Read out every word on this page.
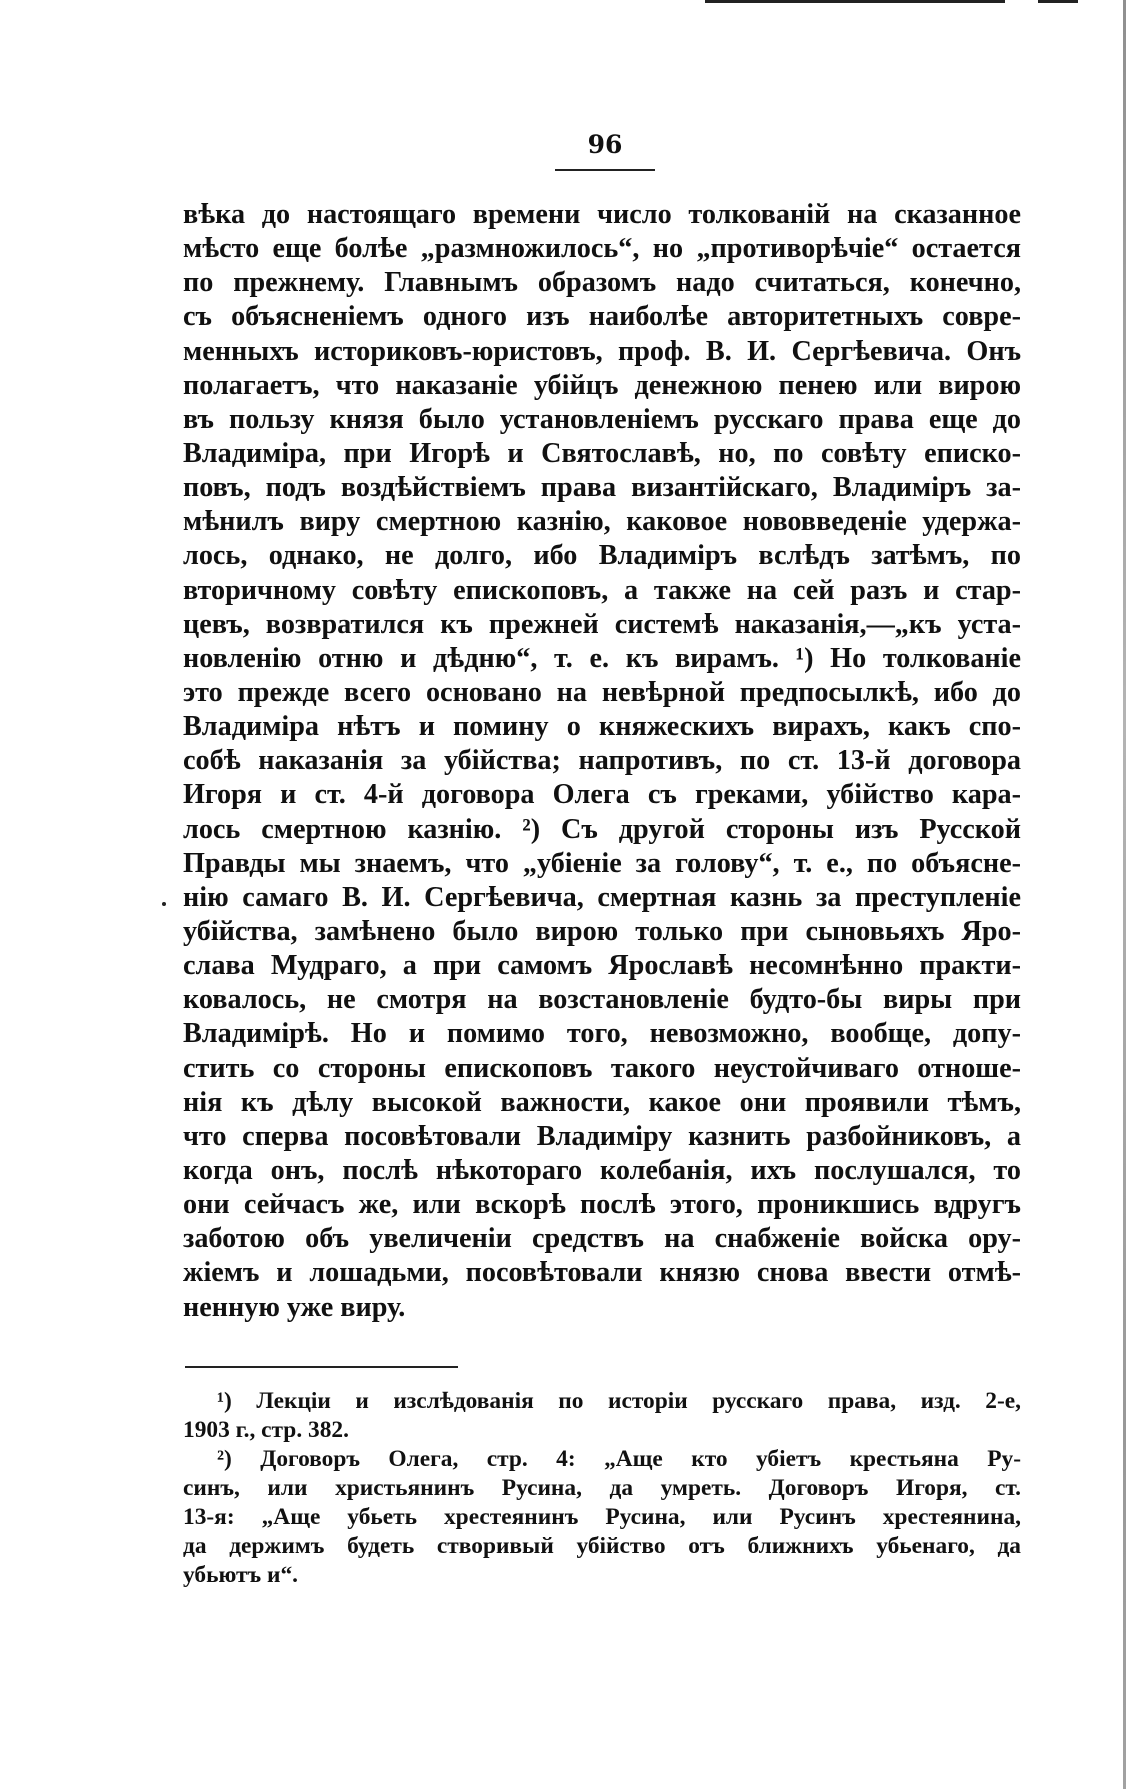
96
вѣка до настоящаго времени число толкованій на сказанное
мѣсто еще болѣе „размножилось“, но „противорѣчіе“ остается
по прежнему. Главнымъ образомъ надо считаться, конечно,
съ объясненіемъ одного изъ наиболѣе авторитетныхъ совре-
менныхъ историковъ-юристовъ, проф. В. И. Сергѣевича. Онъ
полагаетъ, что наказаніе убійцъ денежною пенею или вирою
въ пользу князя было установленіемъ русскаго права еще до
Владиміра, при Игорѣ и Святославѣ, но, по совѣту еписко-
повъ, подъ воздѣйствіемъ права византійскаго, Владиміръ за-
мѣнилъ виру смертною казнію, каковое нововведеніе удержа-
лось, однако, не долго, ибо Владиміръ вслѣдъ затѣмъ, по
вторичному совѣту епископовъ, а также на сей разъ и стар-
цевъ, возвратился къ прежней системѣ наказанія,—„къ уста-
новленію отню и дѣдню“, т. е. къ вирамъ. ¹) Но толкованіе
это прежде всего основано на невѣрной предпосылкѣ, ибо до
Владиміра нѣтъ и помину о княжескихъ вирахъ, какъ спо-
собѣ наказанія за убійства; напротивъ, по ст. 13-й договора
Игоря и ст. 4-й договора Олега съ греками, убійство кара-
лось смертною казнію. ²) Съ другой стороны изъ Русской
Правды мы знаемъ, что „убіеніе за голову“, т. е., по объясне-
нію самаго В. И. Сергѣевича, смертная казнь за преступленіе
убійства, замѣнено было вирою только при сыновьяхъ Яро-
слава Мудраго, а при самомъ Ярославѣ несомнѣнно практи-
ковалось, не смотря на возстановленіе будто-бы виры при
Владимірѣ. Но и помимо того, невозможно, вообще, допу-
стить со стороны епископовъ такого неустойчиваго отноше-
нія къ дѣлу высокой важности, какое они проявили тѣмъ,
что сперва посовѣтовали Владиміру казнить разбойниковъ, а
когда онъ, послѣ нѣкотораго колебанія, ихъ послушался, то
они сейчасъ же, или вскорѣ послѣ этого, проникшись вдругъ
заботою объ увеличеніи средствъ на снабженіе войска ору-
жіемъ и лошадьми, посовѣтовали князю снова ввести отмѣ-
ненную уже виру.
¹) Лекціи и изслѣдованія по исторіи русскаго права, изд. 2-е,
1903 г., стр. 382.
²) Договоръ Олега, стр. 4: „Аще кто убіетъ крестьяна Ру-
синъ, или христьянинъ Русина, да умреть. Договоръ Игоря, ст.
13-я: „Аще убьеть хрестеянинъ Русина, или Русинъ хрестеянина,
да держимъ будеть створивый убійство отъ ближнихъ убьенаго, да
убьютъ и“.
